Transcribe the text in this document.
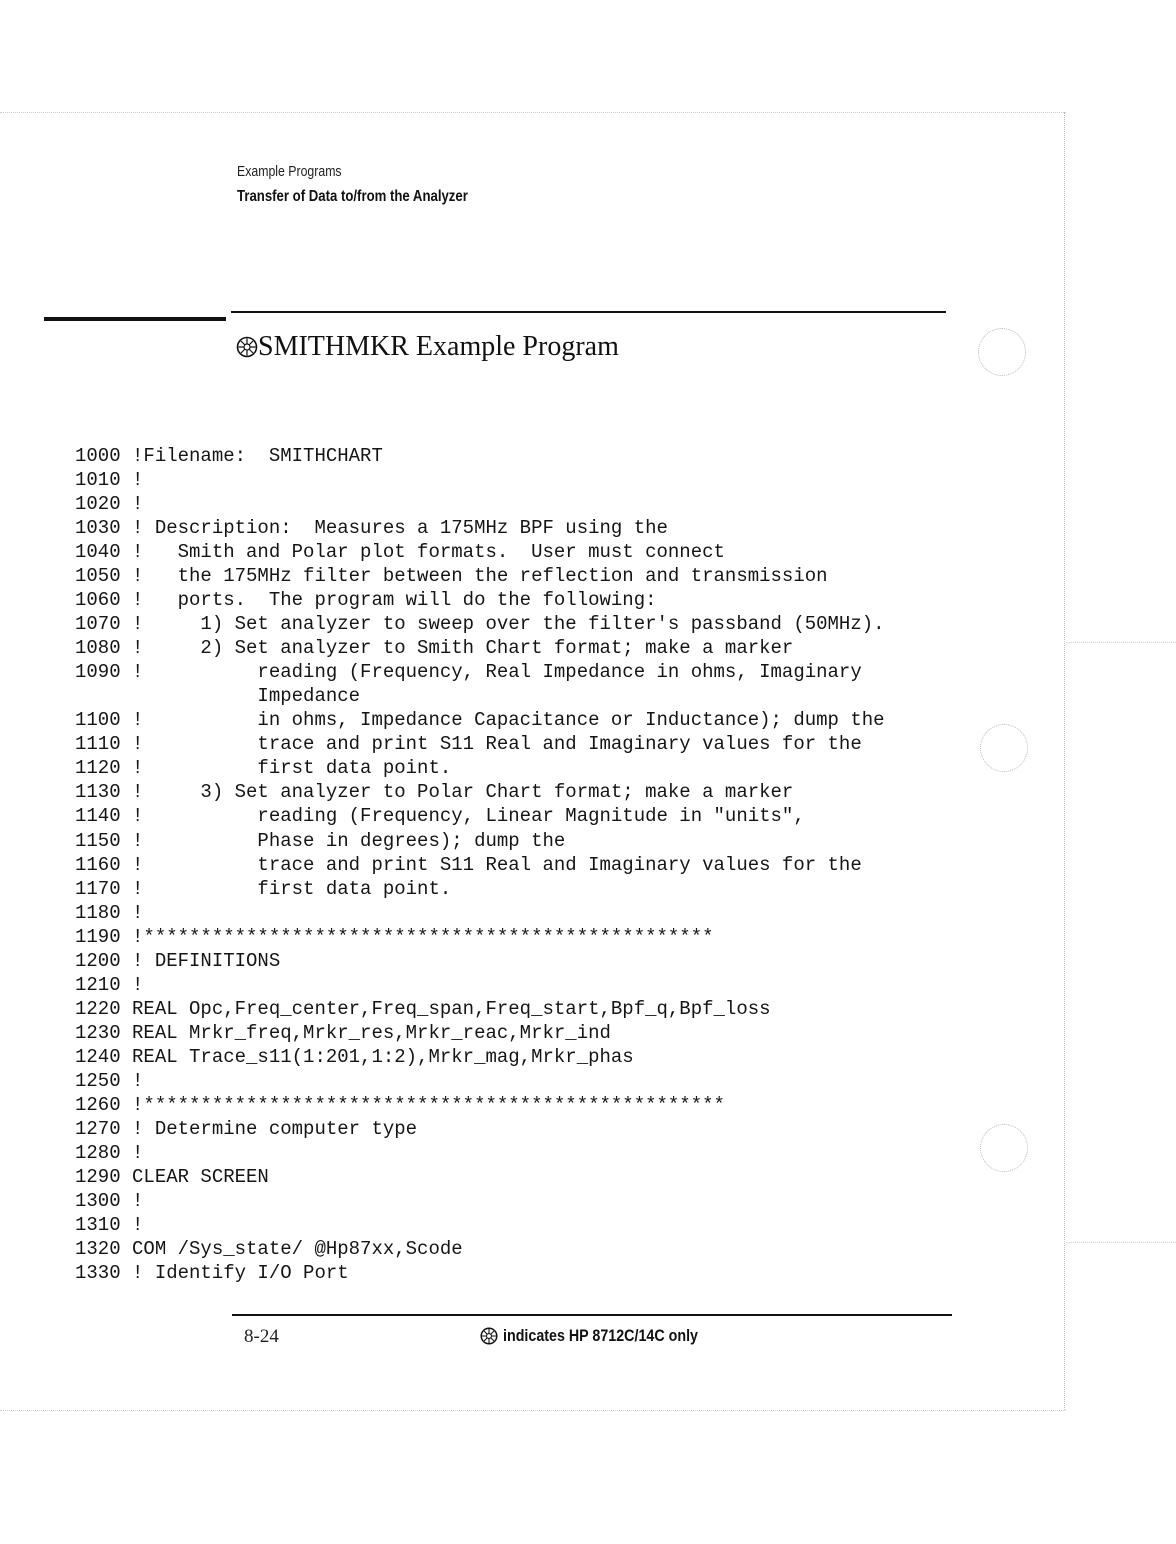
Example Programs
Transfer of Data to/from the Analyzer
SMITHMKR Example Program
1000 !Filename:  SMITHCHART
1010 !
1020 !
1030 ! Description:  Measures a 175MHz BPF using the
1040 !   Smith and Polar plot formats.  User must connect
1050 !   the 175MHz filter between the reflection and transmission
1060 !   ports.  The program will do the following:
1070 !     1) Set analyzer to sweep over the filter's passband (50MHz).
1080 !     2) Set analyzer to Smith Chart format; make a marker
1090 !          reading (Frequency, Real Impedance in ohms, Imaginary
Impedance
1100 !          in ohms, Impedance Capacitance or Inductance); dump the
1110 !          trace and print S11 Real and Imaginary values for the
1120 !          first data point.
1130 !     3) Set analyzer to Polar Chart format; make a marker
1140 !          reading (Frequency, Linear Magnitude in "units",
1150 !          Phase in degrees); dump the
1160 !          trace and print S11 Real and Imaginary values for the
1170 !          first data point.
1180 !
1190 !**************************************************
1200 ! DEFINITIONS
1210 !
1220 REAL Opc,Freq_center,Freq_span,Freq_start,Bpf_q,Bpf_loss
1230 REAL Mrkr_freq,Mrkr_res,Mrkr_reac,Mrkr_ind
1240 REAL Trace_s11(1:201,1:2),Mrkr_mag,Mrkr_phas
1250 !
1260 !***************************************************
1270 ! Determine computer type
1280 !
1290 CLEAR SCREEN
1300 !
1310 !
1320 COM /Sys_state/ @Hp87xx,Scode
1330 ! Identify I/O Port
8-24	indicates HP 8712C/14C only
